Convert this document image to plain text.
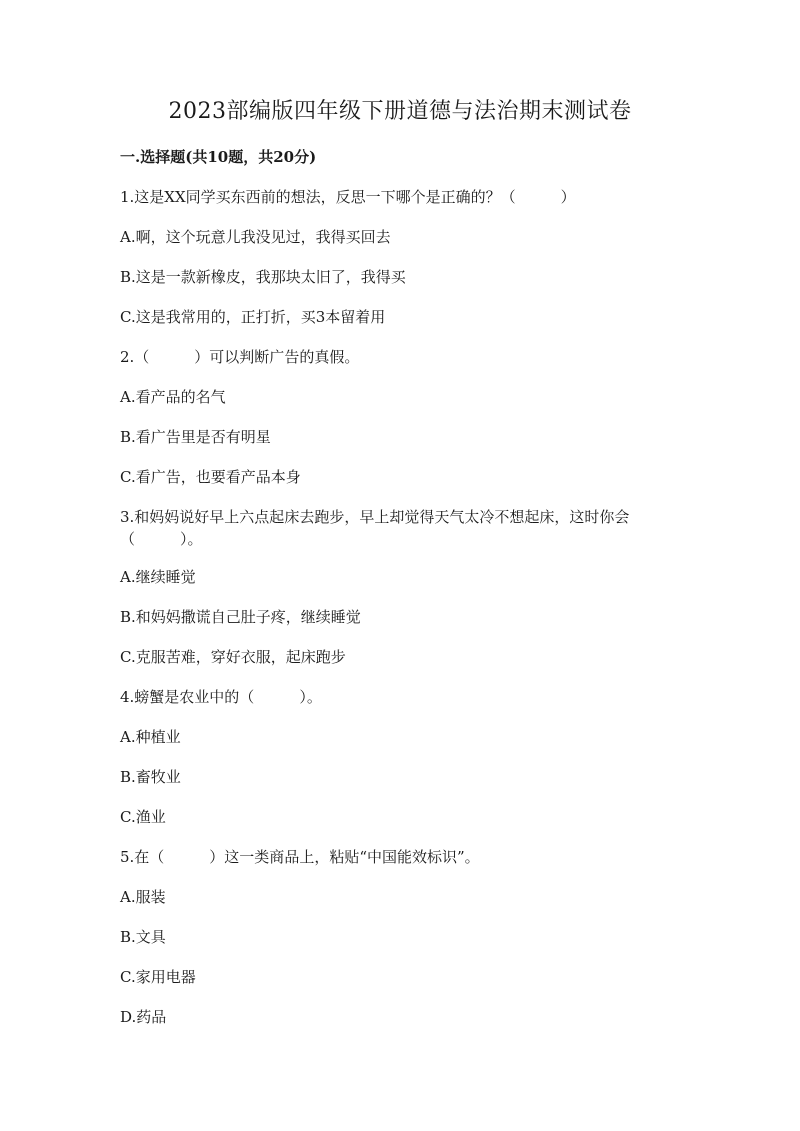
2023部编版四年级下册道德与法治期末测试卷
一.选择题(共10题，共20分)
1.这是XX同学买东西前的想法，反思一下哪个是正确的？（　　　）
A.啊，这个玩意儿我没见过，我得买回去
B.这是一款新橡皮，我那块太旧了，我得买
C.这是我常用的，正打折，买3本留着用
2.（　　　）可以判断广告的真假。
A.看产品的名气
B.看广告里是否有明星
C.看广告，也要看产品本身
3.和妈妈说好早上六点起床去跑步，早上却觉得天气太冷不想起床，这时你会
（　　　）。
A.继续睡觉
B.和妈妈撒谎自己肚子疼，继续睡觉
C.克服苦难，穿好衣服，起床跑步
4.螃蟹是农业中的（　　　）。
A.种植业
B.畜牧业
C.渔业
5.在（　　　）这一类商品上，粘贴“中国能效标识”。
A.服装
B.文具
C.家用电器
D.药品
